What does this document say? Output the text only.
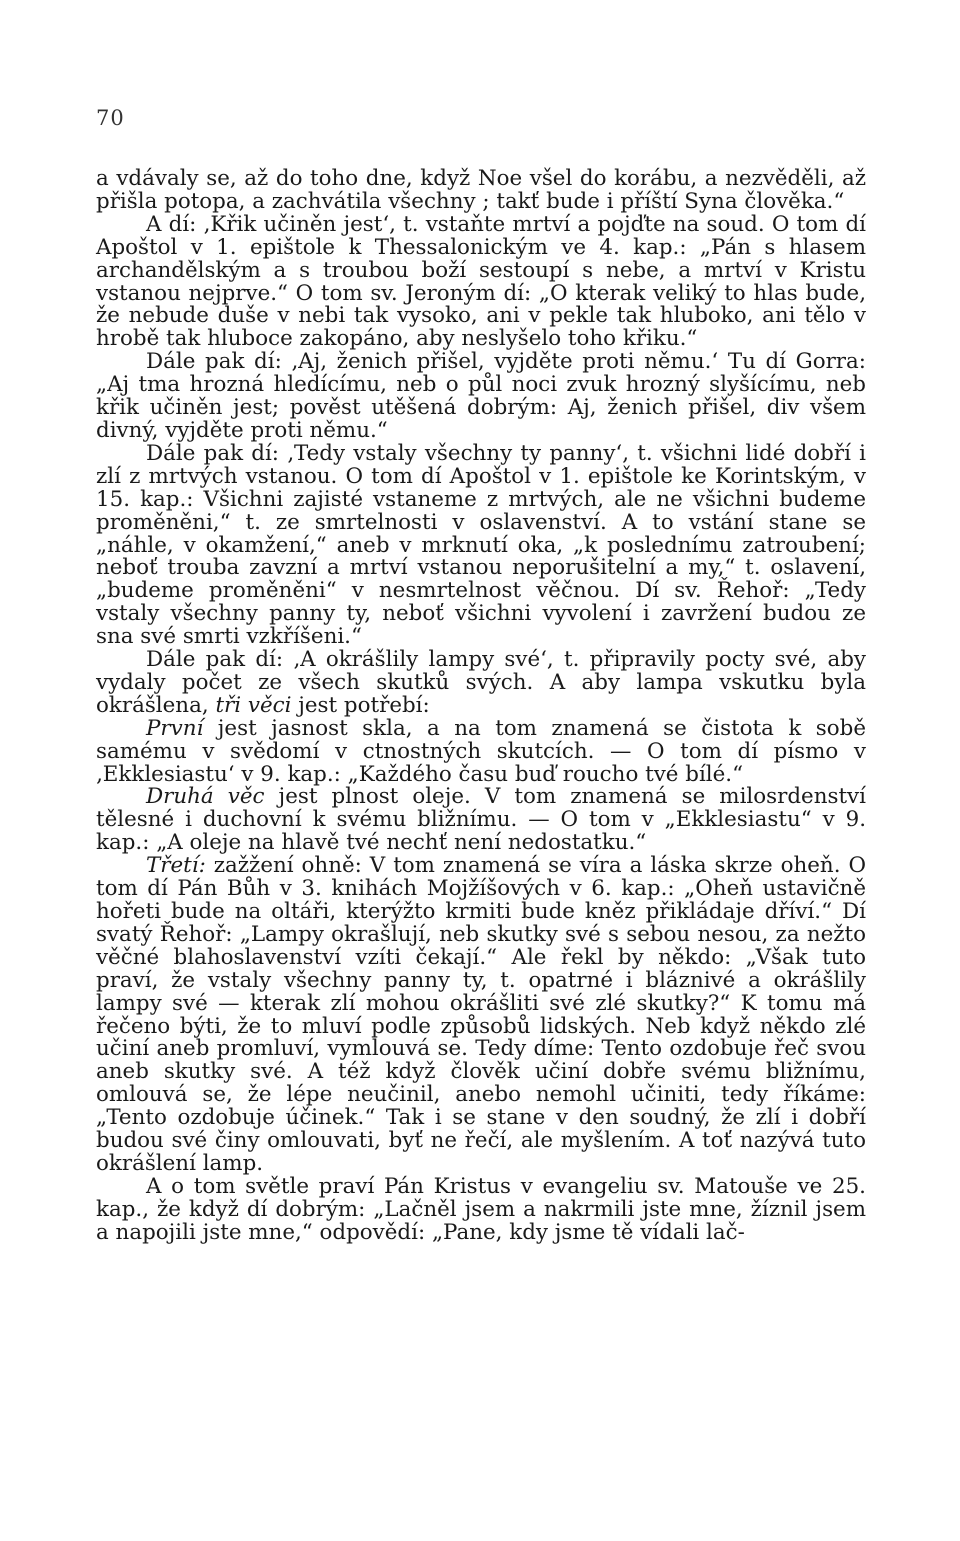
70

a vdávaly se, až do toho dne, když Noe všel do korábu, a nezvěděli, až přišla potopa, a zachvátila všechny ; takť bude i příští Syna člověka.“

A dí: ‚Křik učiněn jest‘, t. vstaňte mrtví a pojďte na soud. O tom dí Apoštol v 1. epištole k Thessalonickým ve 4. kap.: „Pán s hlasem archandělským a s troubou boží sestoupí s nebe, a mrtví v Kristu vstanou nejprve.“ O tom sv. Jeroným dí: „O kterak veliký to hlas bude, že nebude duše v nebi tak vysoko, ani v pekle tak hluboko, ani tělo v hrobě tak hluboce zakopáno, aby neslyšelo toho křiku.“

Dále pak dí: ‚Aj, ženich přišel, vyjděte proti němu.‘ Tu dí Gorra: „Aj tma hrozná hledícímu, neb o půl noci zvuk hrozný slyšícímu, neb křik učiněn jest; pověst utěšená dobrým: Aj, ženich přišel, div všem divný, vyjděte proti němu.“

Dále pak dí: ‚Tedy vstaly všechny ty panny‘, t. všichni lidé dobří i zlí z mrtvých vstanou. O tom dí Apoštol v 1. epištole ke Korintským, v 15. kap.: Všichni zajisté vstaneme z mrtvých, ale ne všichni budeme proměněni,“ t. ze smrtelnosti v oslavenství. A to vstání stane se „náhle, v okamžení,“ aneb v mrknutí oka, „k poslednímu zatroubení; neboť trouba zavzní a mrtví vstanou neporušitelní a my,“ t. oslavení, „budeme proměněni“ v nesmrtelnost věčnou. Dí sv. Řehoř: „Tedy vstaly všechny panny ty, neboť všichni vyvolení i zavržení budou ze sna své smrti vzkříšeni.“

Dále pak dí: ‚A okrášlily lampy své‘, t. připravily pocty své, aby vydaly počet ze všech skutků svých. A aby lampa vskutku byla okrášlena, tři věci jest potřebí:

První jest jasnost skla, a na tom znamená se čistota k sobě samému v svědomí v ctnostných skutcích. — O tom dí písmo v ‚Ekklesiastu‘ v 9. kap.: „Každého času buď roucho tvé bílé.“

Druhá věc jest plnost oleje. V tom znamená se milosrdenství tělesné i duchovní k svému bližnímu. — O tom v „Ekklesiastu“ v 9. kap.: „A oleje na hlavě tvé nechť není nedostatku.“

Třetí: zažžení ohně: V tom znamená se víra a láska skrze oheň. O tom dí Pán Bůh v 3. knihách Mojžíšových v 6. kap.: „Oheň ustavičně hořeti bude na oltáři, kterýžto krmiti bude kněz přikládaje dříví.“ Dí svatý Řehoř: „Lampy okrašlují, neb skutky své s sebou nesou, za nežto věčné blahoslavenství vzíti čekají.“ Ale řekl by někdo: „Však tuto praví, že vstaly všechny panny ty, t. opatrné i bláznivé a okrášlily lampy své — kterak zlí mohou okrášliti své zlé skutky?“ K tomu má řečeno býti, že to mluví podle způsobů lidských. Neb když někdo zlé učiní aneb promluví, vymlouvá se. Tedy díme: Tento ozdobuje řeč svou aneb skutky své. A též když člověk učiní dobře svému bližnímu, omlouvá se, že lépe neučinil, anebo nemohl učiniti, tedy říkáme: „Tento ozdobuje účinek.“ Tak i se stane v den soudný, že zlí i dobří budou své činy omlouvati, byť ne řečí, ale myšlením. A toť nazývá tuto okrášlení lamp.

A o tom světle praví Pán Kristus v evangeliu sv. Matouše ve 25. kap., že když dí dobrým: „Lačněl jsem a nakrmili jste mne, žíznil jsem a napojili jste mne,“ odpovědí: „Pane, kdy jsme tě vídali lač-
